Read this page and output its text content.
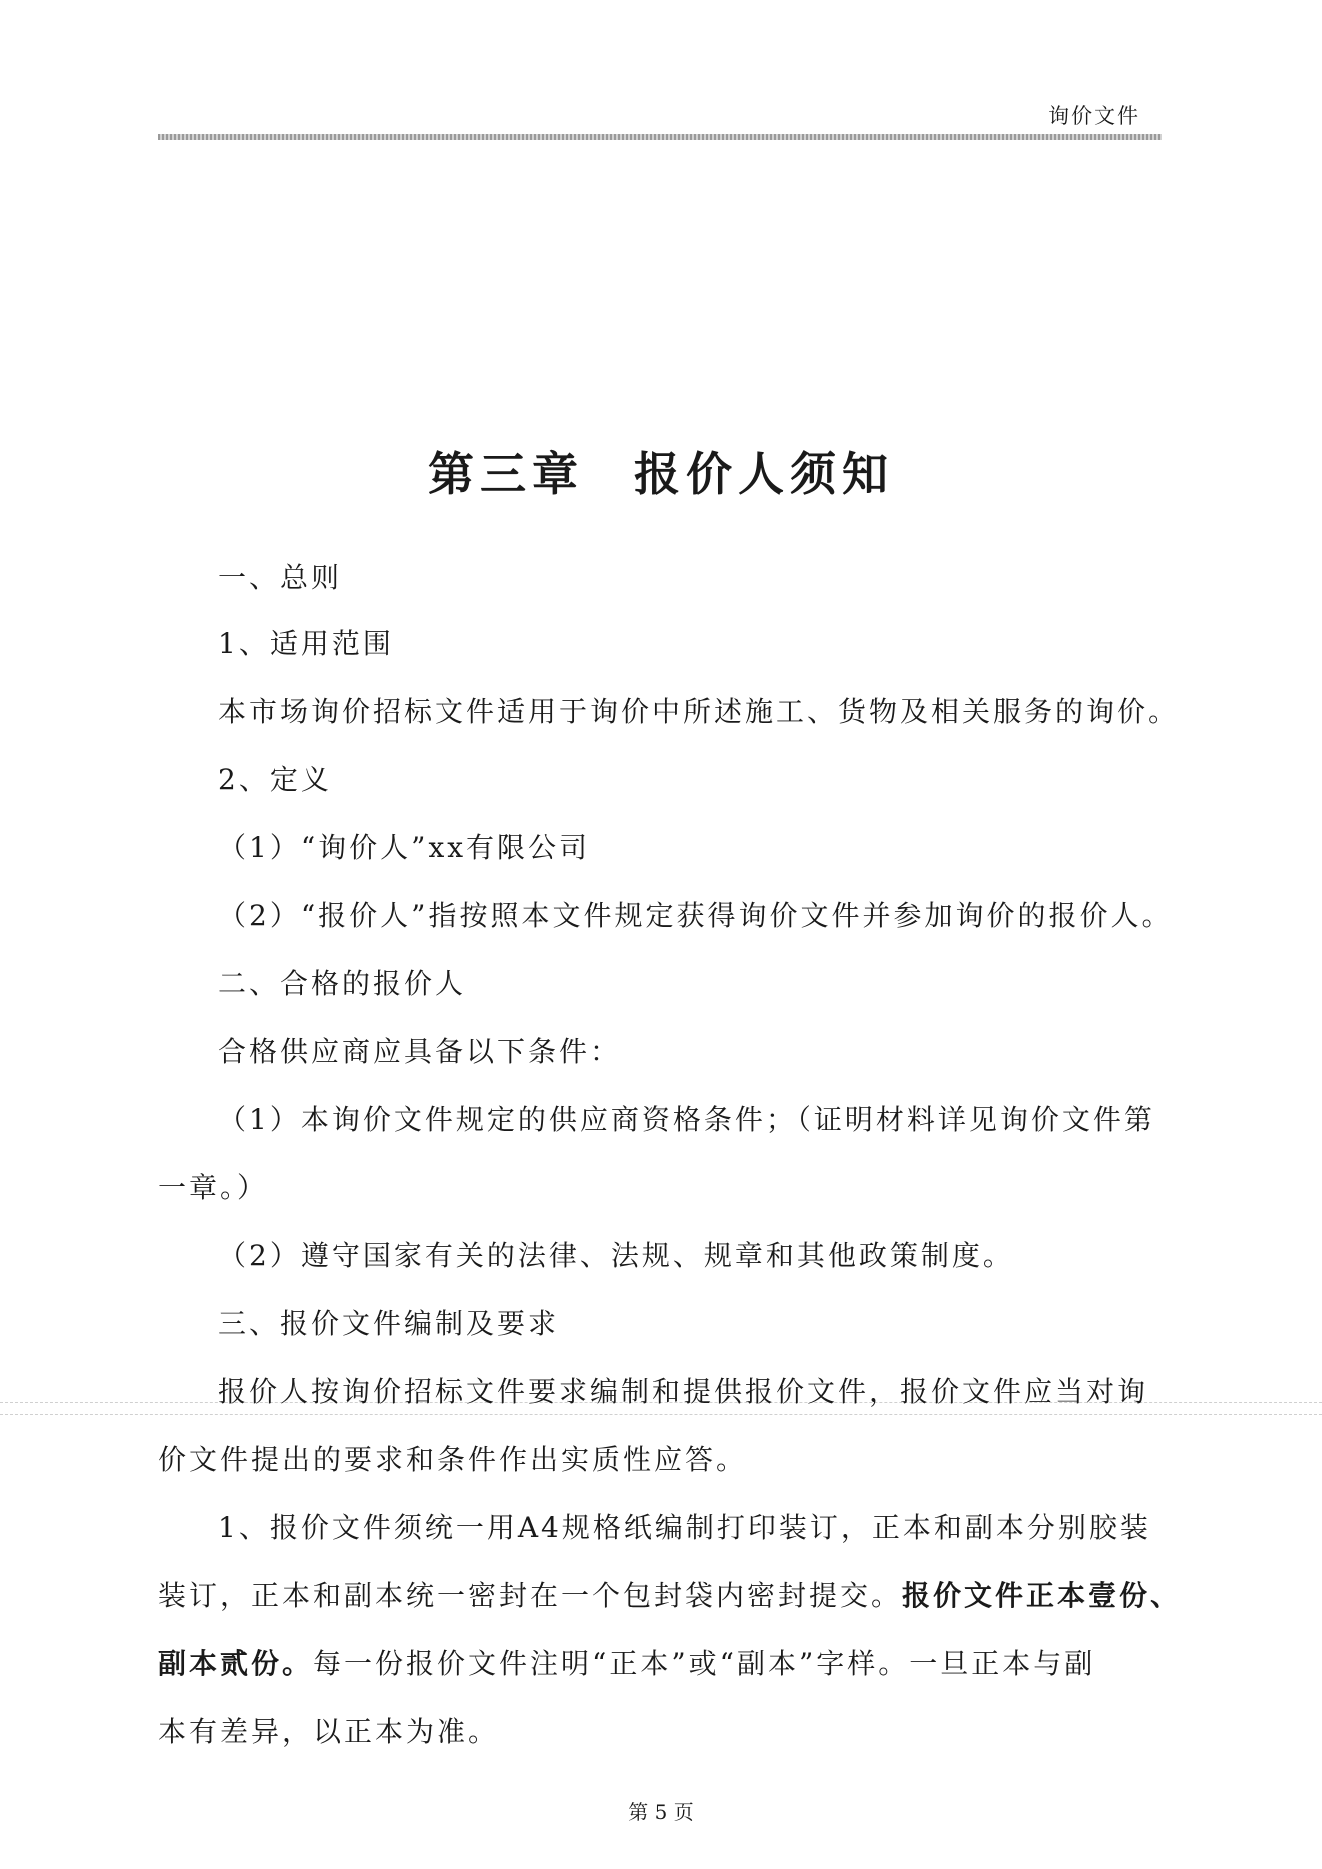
询价文件
第三章 报价人须知
一、总则
1、适用范围
本市场询价招标文件适用于询价中所述施工、货物及相关服务的询价。
2、定义
（1）“询价人”xx有限公司
（2）“报价人”指按照本文件规定获得询价文件并参加询价的报价人。
二、合格的报价人
合格供应商应具备以下条件：
（1）本询价文件规定的供应商资格条件；（证明材料详见询价文件第
一章。）
（2）遵守国家有关的法律、法规、规章和其他政策制度。
三、报价文件编制及要求
报价人按询价招标文件要求编制和提供报价文件，报价文件应当对询
价文件提出的要求和条件作出实质性应答。
1、报价文件须统一用A4规格纸编制打印装订，正本和副本分别胶装
装订，正本和副本统一密封在一个包封袋内密封提交。报价文件正本壹份、
副本贰份。每一份报价文件注明“正本”或“副本”字样。一旦正本与副
本有差异，以正本为准。
第 5 页
